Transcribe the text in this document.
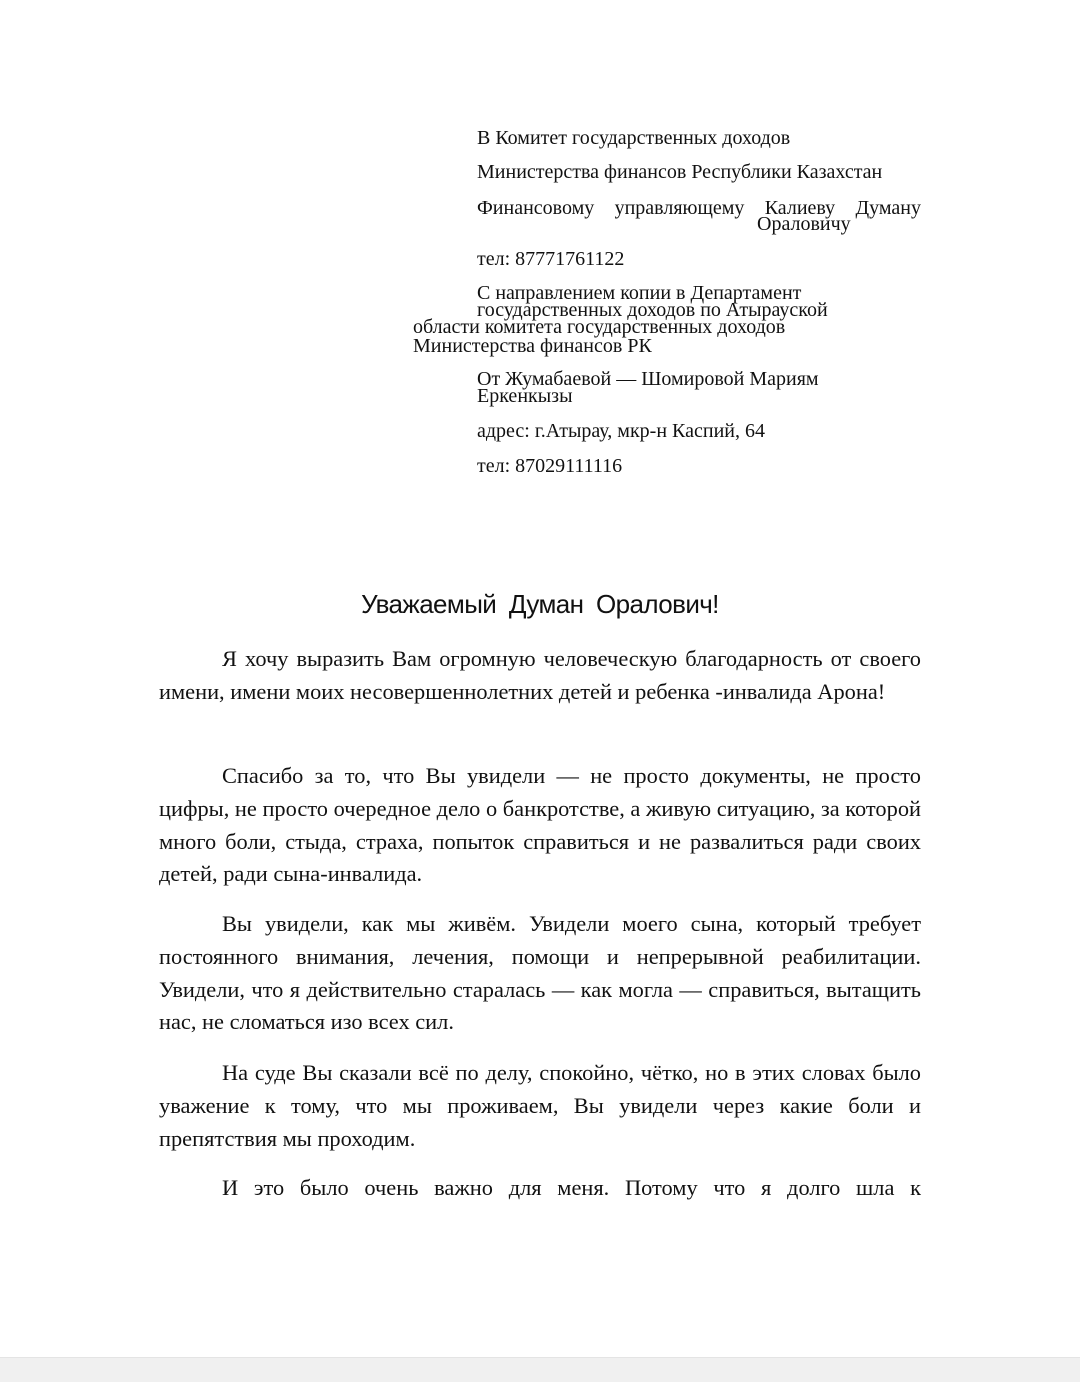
В Комитет государственных доходов
Министерства финансов Республики Казахстан
Финансовому управляющему Калиеву Думану
Ораловичу
тел: 87771761122
С направлением копии в Департамент
государственных доходов по Атырауской
области комитета государственных доходов
Министерства финансов РК
От Жумабаевой — Шомировой Мариям
Еркенкызы
адрес: г.Атырау, мкр-н Каспий, 64
тел: 87029111116
Уважаемый Думан Оралович!

Я хочу выразить Вам огромную человеческую благодарность от своего имени, имени моих несовершеннолетних детей и ребенка -инвалида Арона!

Спасибо за то, что Вы увидели — не просто документы, не просто цифры, не просто очередное дело о банкротстве, а живую ситуацию, за которой много боли, стыда, страха, попыток справиться и не развалиться ради своих детей, ради сына-инвалида.

Вы увидели, как мы живём. Увидели моего сына, который требует постоянного внимания, лечения, помощи и непрерывной реабилитации. Увидели, что я действительно старалась — как могла — справиться, вытащить нас, не сломаться изо всех сил.

На суде Вы сказали всё по делу, спокойно, чётко, но в этих словах было уважение к тому, что мы проживаем, Вы увидели через какие боли и препятствия мы проходим.

И это было очень важно для меня. Потому что я долго шла к
